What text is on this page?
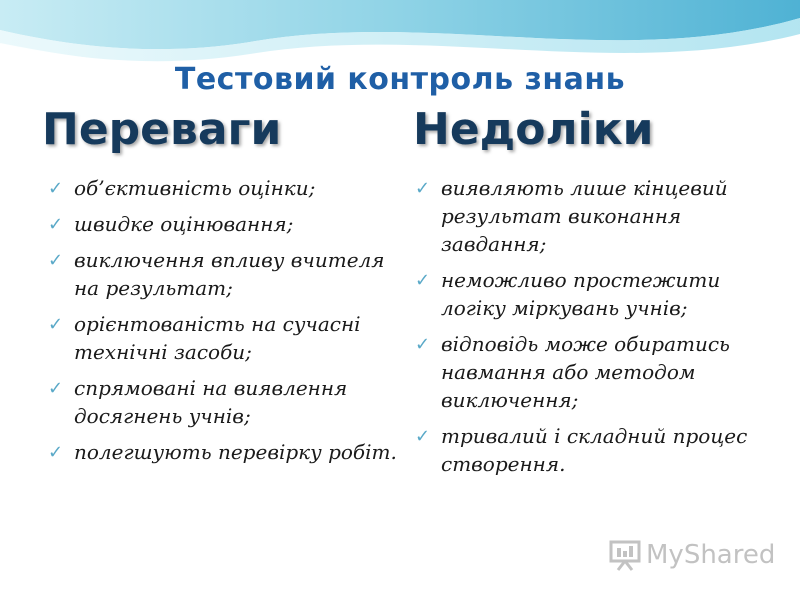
Тестовий контроль знань
Переваги	Недоліки
✓ об’єктивність оцінки;
✓ швидке оцінювання;
✓ виключення впливу вчителя на результат;
✓ орієнтованість на сучасні технічні засоби;
✓ спрямовані на виявлення досягнень учнів;
✓ полегшують перевірку робіт.
✓ виявляють лише кінцевий результат виконання завдання;
✓ неможливо простежити логіку міркувань учнів;
✓ відповідь може обиратись навмання або методом виключення;
✓ тривалий і складний процес створення.
MyShared
